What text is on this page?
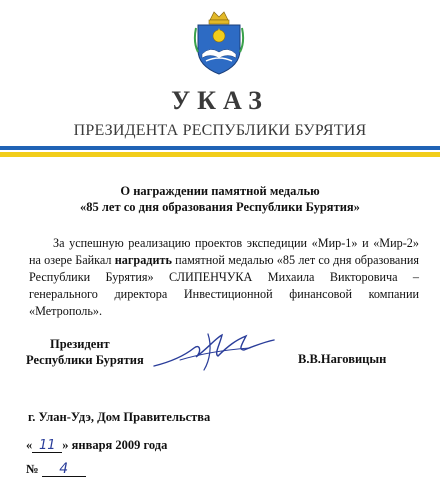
УКАЗ
ПРЕЗИДЕНТА РЕСПУБЛИКИ БУРЯТИЯ
О награждении памятной медалью
«85 лет со дня образования Республики Бурятия»
За успешную реализацию проектов экспедиции «Мир-1» и «Мир-2» на озере Байкал наградить памятной медалью «85 лет со дня образования Республики Бурятия» СЛИПЕНЧУКА Михаила Викторовича – генерального директора Инвестиционной финансовой компании «Метрополь».
Президент
Республики Бурятия	В.В.Наговицын
г. Улан-Удэ, Дом Правительства
« 11 » января 2009 года
№ 4
